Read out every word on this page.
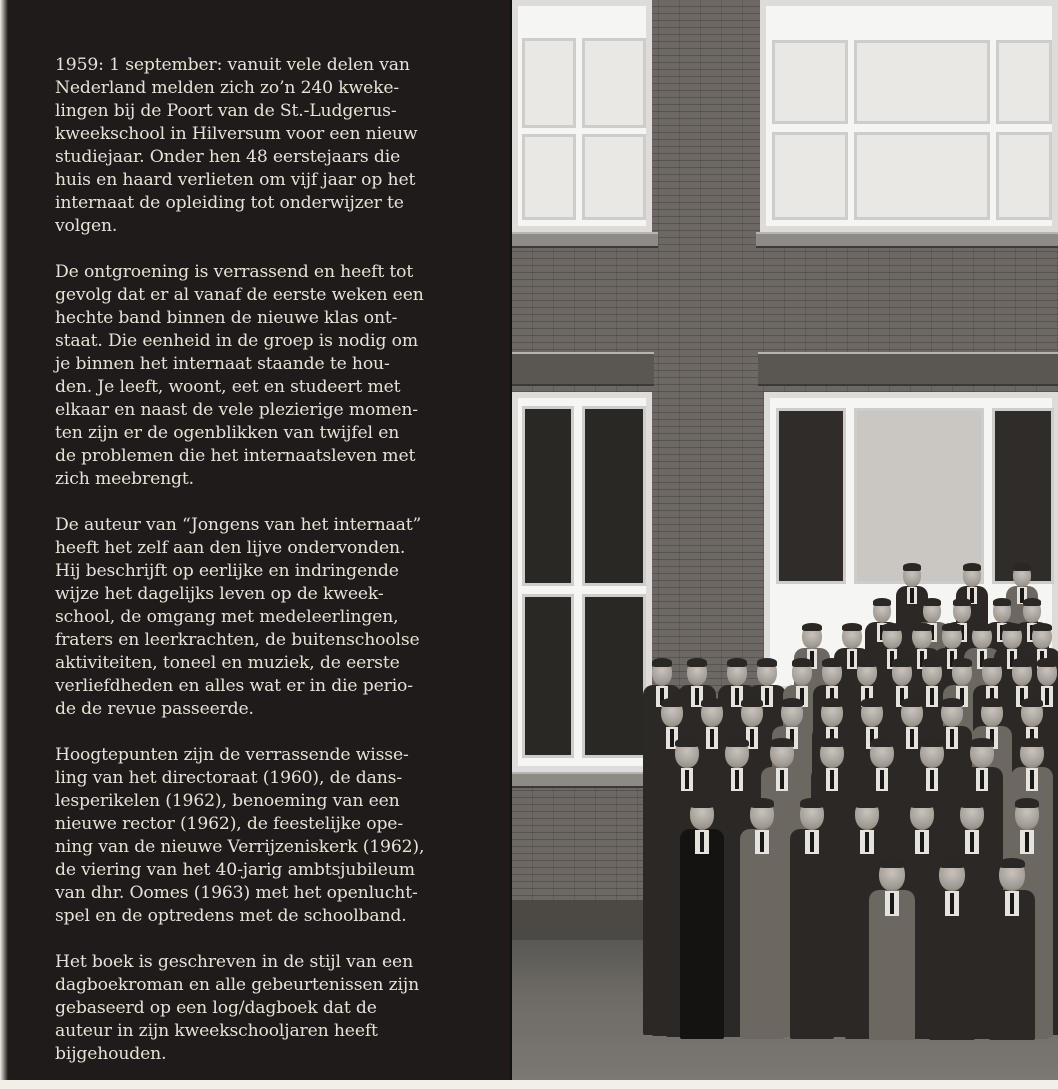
1959: 1 september: vanuit vele delen van
Nederland melden zich zo’n 240 kweke-
lingen bij de Poort van de St.-Ludgerus-
kweekschool in Hilversum voor een nieuw
studiejaar. Onder hen 48 eerstejaars die
huis en haard verlieten om vijf jaar op het
internaat de opleiding tot onderwijzer te
volgen.

De ontgroening is verrassend en heeft tot
gevolg dat er al vanaf de eerste weken een
hechte band binnen de nieuwe klas ont-
staat. Die eenheid in de groep is nodig om
je binnen het internaat staande te hou-
den. Je leeft, woont, eet en studeert met
elkaar en naast de vele plezierige momen-
ten zijn er de ogenblikken van twijfel en
de problemen die het internaatsleven met
zich meebrengt.

De auteur van “Jongens van het internaat”
heeft het zelf aan den lijve ondervonden.
Hij beschrijft op eerlijke en indringende
wijze het dagelijks leven op de kweek-
school, de omgang met medeleerlingen,
fraters en leerkrachten, de buitenschoolse
aktiviteiten, toneel en muziek, de eerste
verliefdheden en alles wat er in die perio-
de de revue passeerde.

Hoogtepunten zijn de verrassende wisse-
ling van het directoraat (1960), de dans-
lesperikelen (1962), benoeming van een
nieuwe rector (1962), de feestelijke ope-
ning van de nieuwe Verrijzeniskerk (1962),
de viering van het 40-jarig ambtsjubileum
van dhr. Oomes (1963) met het openlucht-
spel en de optredens met de schoolband.

Het boek is geschreven in de stijl van een
dagboekroman en alle gebeurtenissen zijn
gebaseerd op een log/dagboek dat de
auteur in zijn kweekschooljaren heeft
bijgehouden.
